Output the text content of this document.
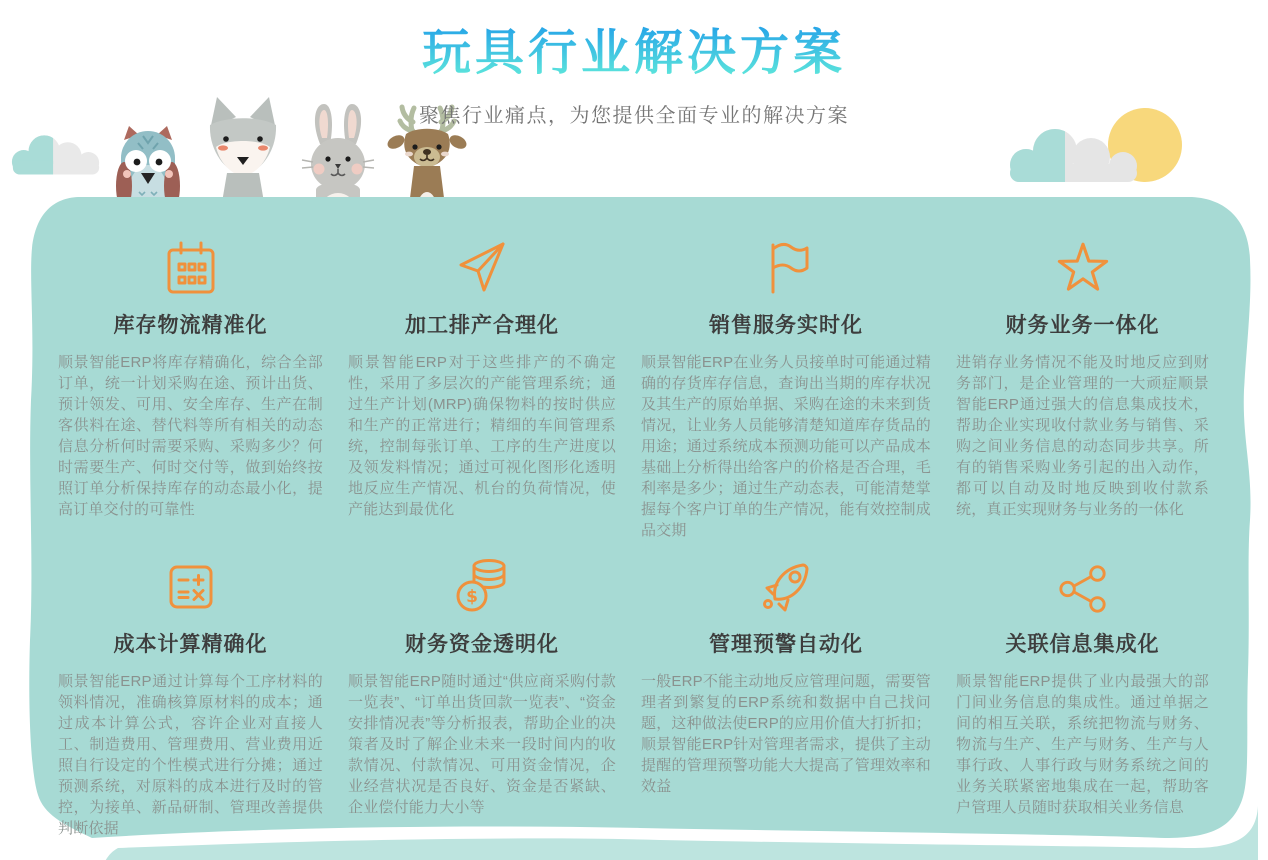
玩具行业解决方案
聚焦行业痛点，为您提供全面专业的解决方案
库存物流精准化
顺景智能ERP将库存精确化，综合全部订单，统一计划采购在途、预计出货、预计领发、可用、安全库存、生产在制客供料在途、替代料等所有相关的动态信息分析何时需要采购、采购多少？何时需要生产、何时交付等，做到始终按照订单分析保持库存的动态最小化，提高订单交付的可靠性
加工排产合理化
顺景智能ERP对于这些排产的不确定性，采用了多层次的产能管理系统；通过生产计划(MRP)确保物料的按时供应和生产的正常进行；精细的车间管理系统，控制每张订单、工序的生产进度以及领发料情况；通过可视化图形化透明地反应生产情况、机台的负荷情况，使产能达到最优化
销售服务实时化
顺景智能ERP在业务人员接单时可能通过精确的存货库存信息，查询出当期的库存状况及其生产的原始单据、采购在途的未来到货情况，让业务人员能够清楚知道库存货品的用途；通过系统成本预测功能可以产品成本基础上分析得出给客户的价格是否合理，毛利率是多少；通过生产动态表，可能清楚掌握每个客户订单的生产情况，能有效控制成品交期
财务业务一体化
进销存业务情况不能及时地反应到财务部门，是企业管理的一大顽症顺景智能ERP通过强大的信息集成技术，帮助企业实现收付款业务与销售、采购之间业务信息的动态同步共享。所有的销售采购业务引起的出入动作，都可以自动及时地反映到收付款系统，真正实现财务与业务的一体化
成本计算精确化
顺景智能ERP通过计算每个工序材料的领料情况，准确核算原材料的成本；通过成本计算公式，容许企业对直接人工、制造费用、管理费用、营业费用近照自行设定的个性模式进行分摊；通过预测系统，对原料的成本进行及时的管控，为接单、新品研制、管理改善提供判断依据
$
财务资金透明化
顺景智能ERP随时通过“供应商采购付款一览表”、“订单出货回款一览表”、“资金安排情况表”等分析报表，帮助企业的决策者及时了解企业未来一段时间内的收款情况、付款情况、可用资金情况，企业经营状况是否良好、资金是否紧缺、企业偿付能力大小等
管理预警自动化
一般ERP不能主动地反应管理问题，需要管理者到繁复的ERP系统和数据中自己找问题，这种做法使ERP的应用价值大打折扣；顺景智能ERP针对管理者需求，提供了主动提醒的管理预警功能大大提高了管理效率和效益
关联信息集成化
顺景智能ERP提供了业内最强大的部门间业务信息的集成性。通过单据之间的相互关联，系统把物流与财务、物流与生产、生产与财务、生产与人事行政、人事行政与财务系统之间的业务关联紧密地集成在一起，帮助客户管理人员随时获取相关业务信息
